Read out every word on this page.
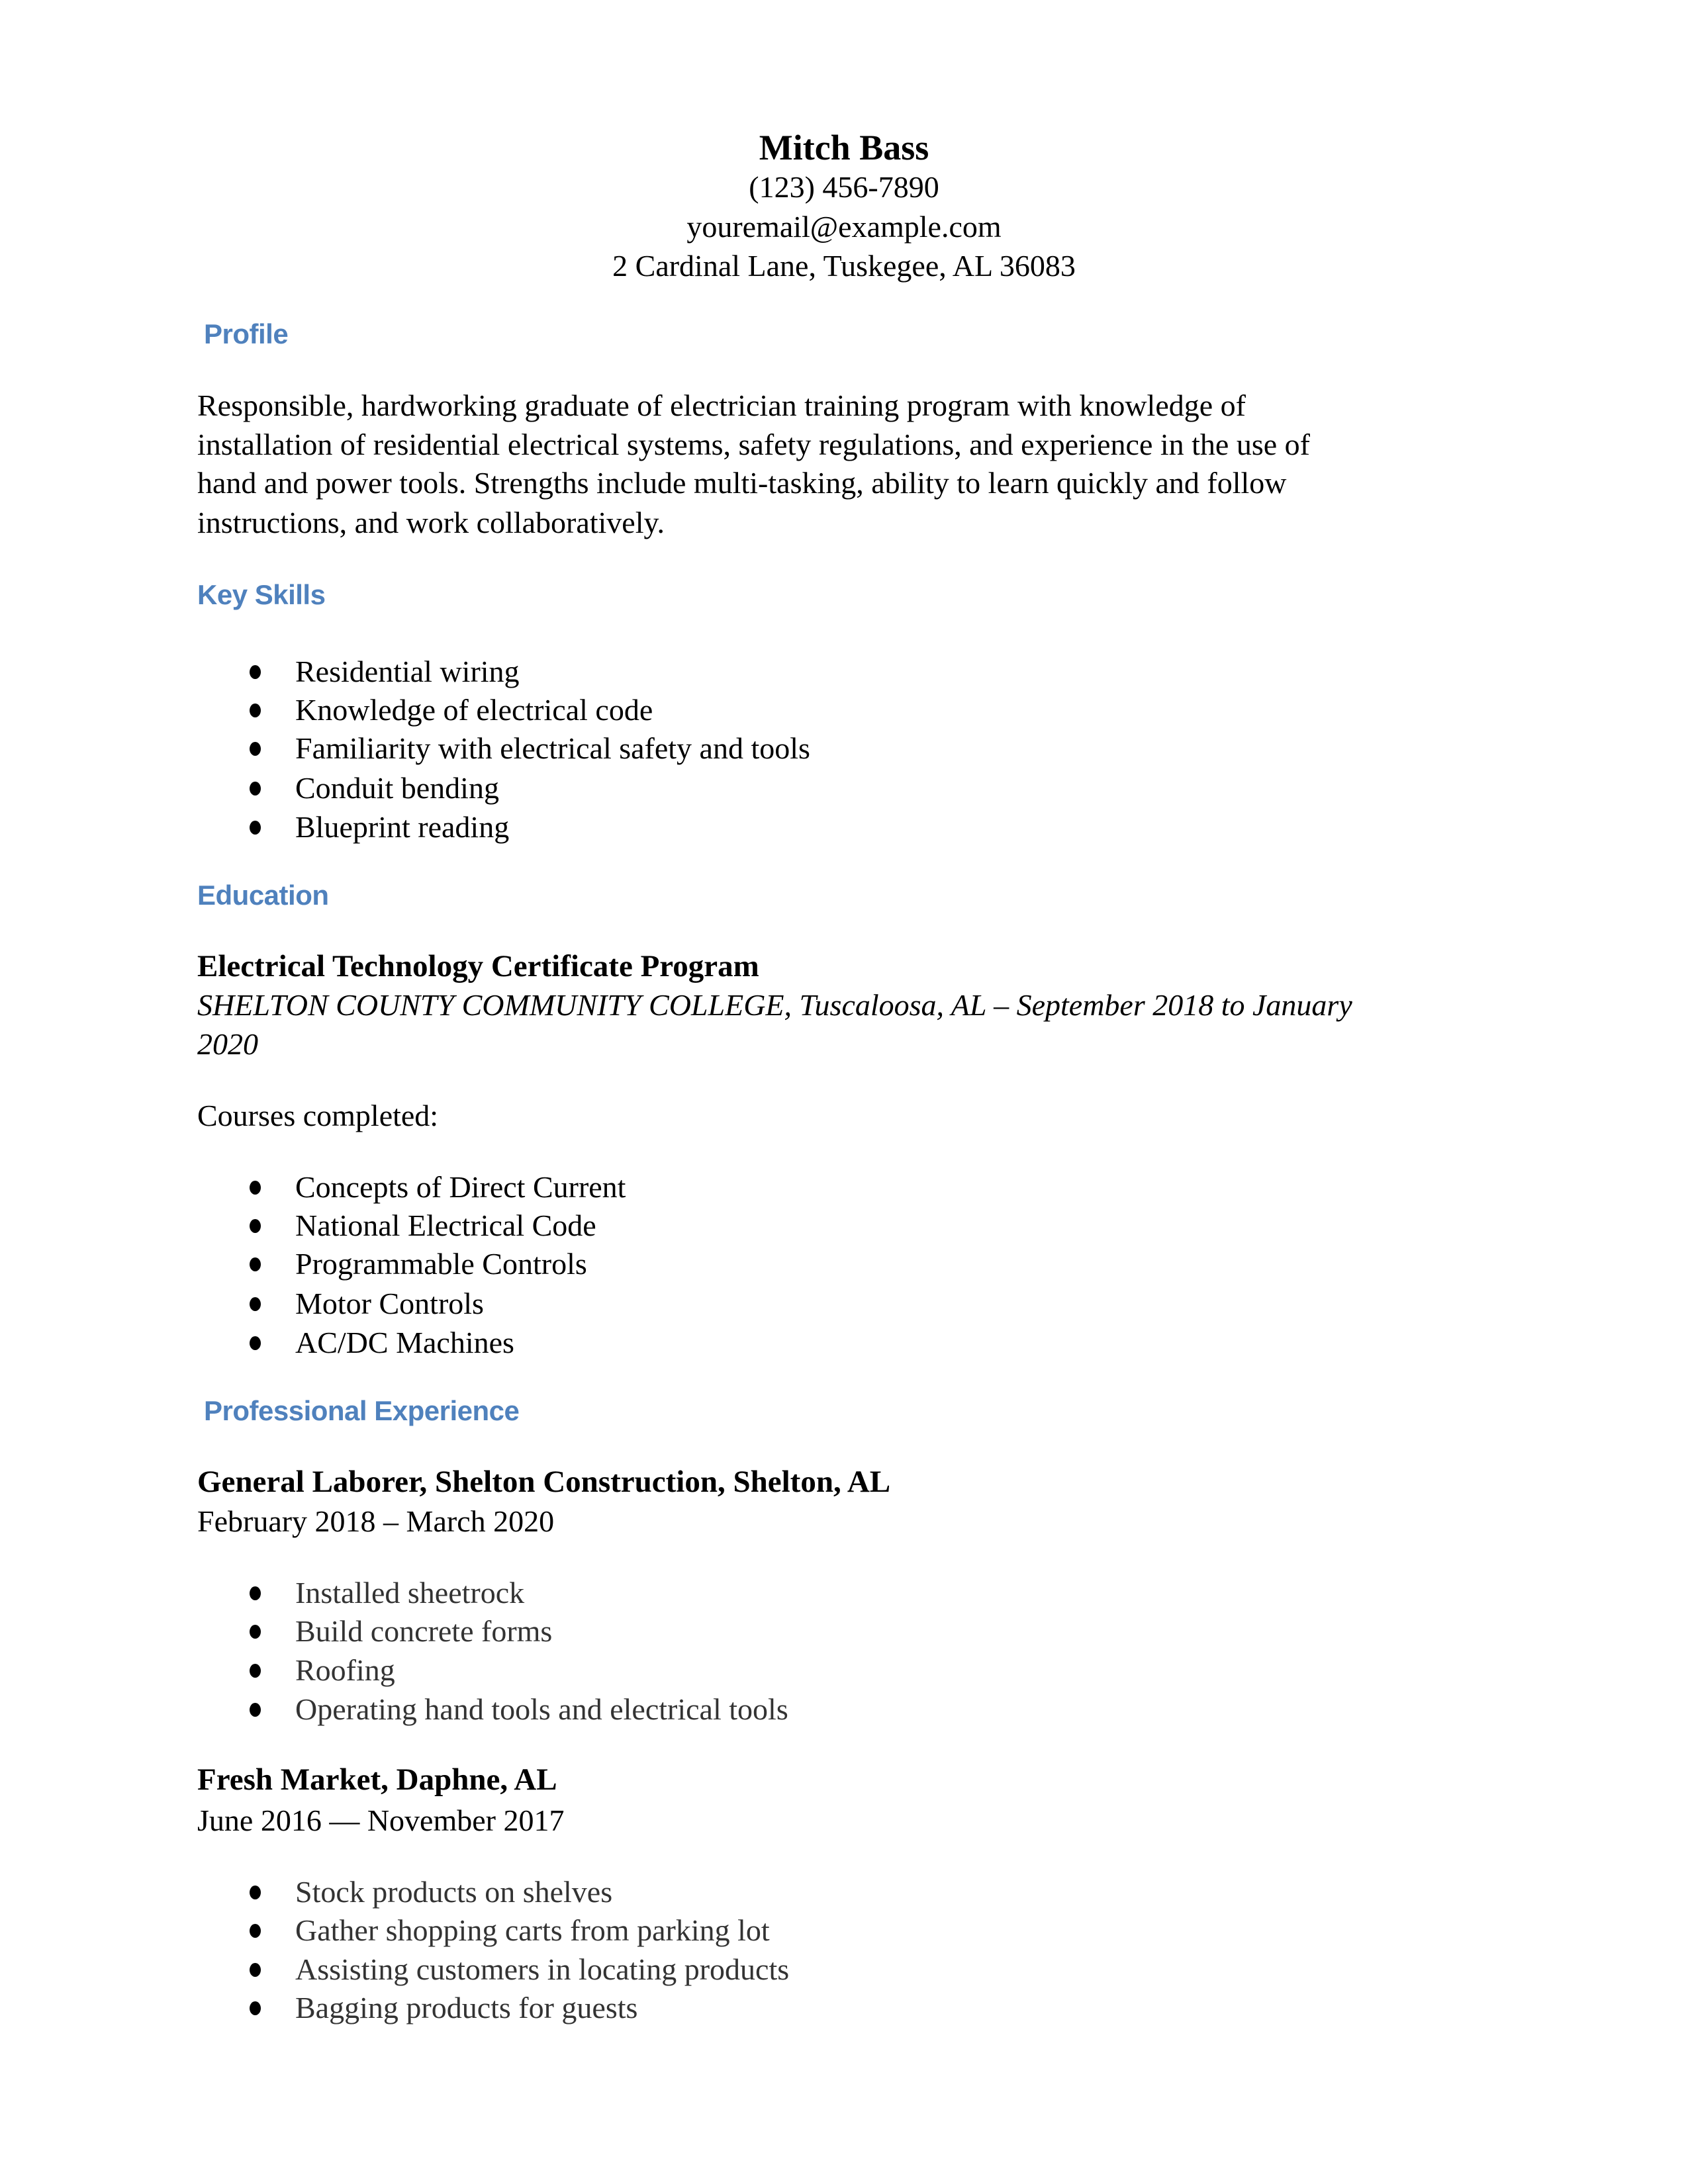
Mitch Bass
(123) 456-7890
youremail@example.com
2 Cardinal Lane, Tuskegee, AL 36083
Profile
Responsible, hardworking graduate of electrician training program with knowledge of
installation of residential electrical systems, safety regulations, and experience in the use of
hand and power tools. Strengths include multi-tasking, ability to learn quickly and follow
instructions, and work collaboratively.
Key Skills
Residential wiring
Knowledge of electrical code
Familiarity with electrical safety and tools
Conduit bending
Blueprint reading
Education
Electrical Technology Certificate Program
SHELTON COUNTY COMMUNITY COLLEGE, Tuscaloosa, AL – September 2018 to January
2020
Courses completed:
Concepts of Direct Current
National Electrical Code
Programmable Controls
Motor Controls
AC/DC Machines
Professional Experience
General Laborer, Shelton Construction, Shelton, AL
February 2018 – March 2020
Installed sheetrock
Build concrete forms
Roofing
Operating hand tools and electrical tools
Fresh Market, Daphne, AL
June 2016 — November 2017
Stock products on shelves
Gather shopping carts from parking lot
Assisting customers in locating products
Bagging products for guests
